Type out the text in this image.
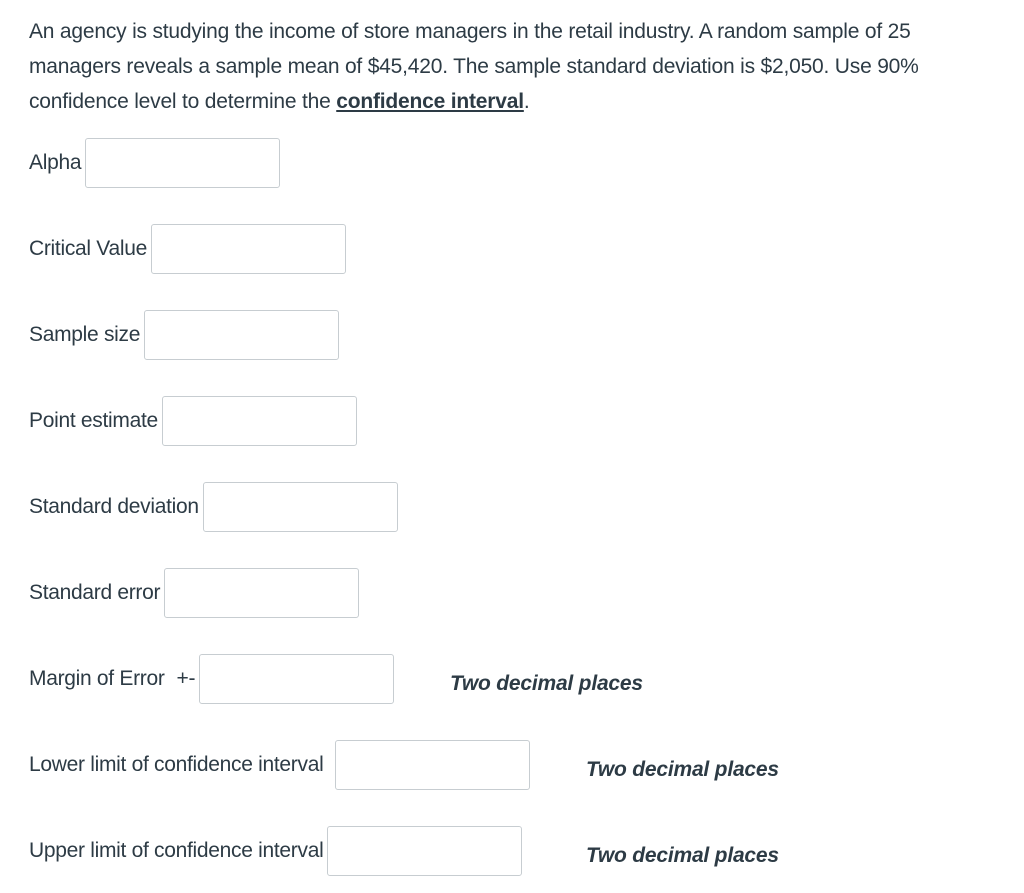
An agency is studying the income of store managers in the retail industry. A random sample of 25 managers reveals a sample mean of $45,420. The sample standard deviation is $2,050. Use 90% confidence level to determine the confidence interval.
Alpha
Critical Value
Sample size
Point estimate
Standard deviation
Standard error
Margin of Error +-	Two decimal places
Lower limit of confidence interval	Two decimal places
Upper limit of confidence interval	Two decimal places
